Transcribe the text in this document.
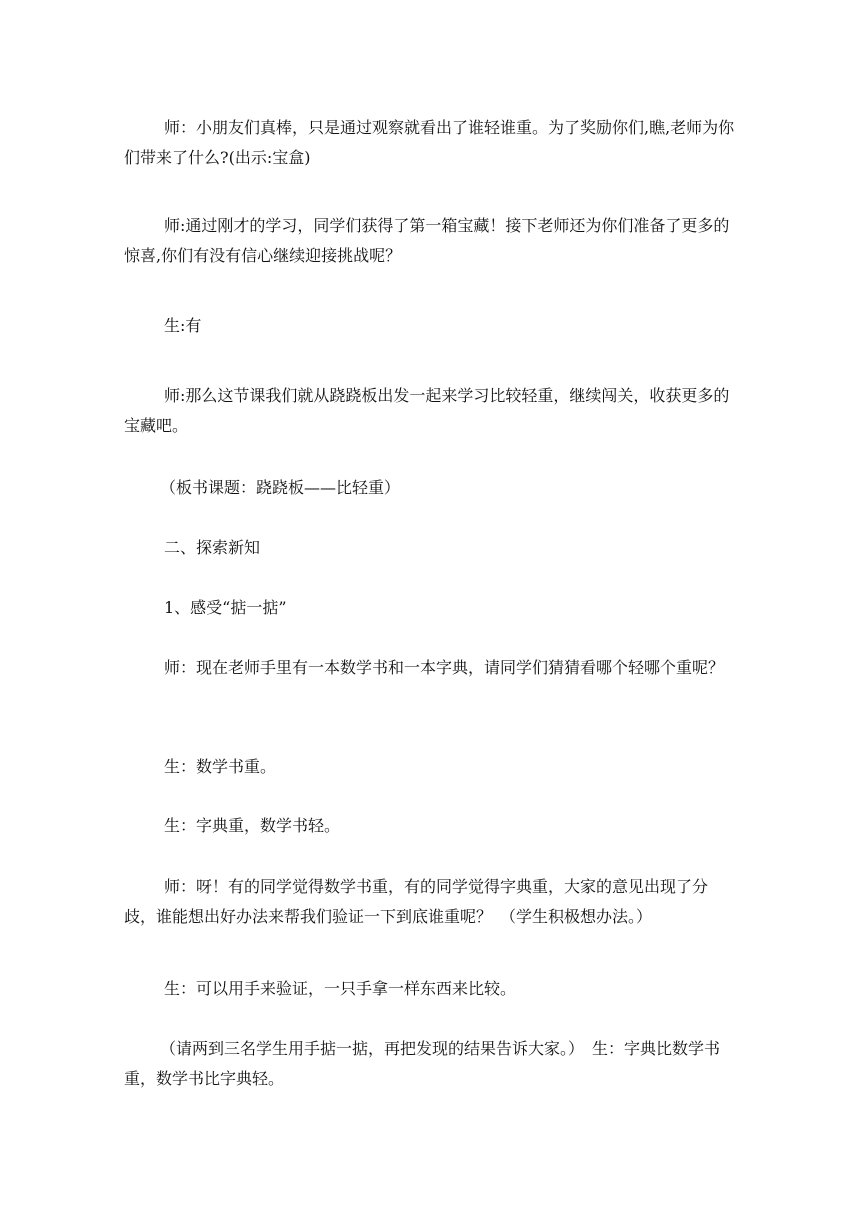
师：小朋友们真棒，只是通过观察就看出了谁轻谁重。为了奖励你们,瞧,老师为你们带来了什么?(出示:宝盒)

师:通过刚才的学习，同学们获得了第一箱宝藏！接下老师还为你们准备了更多的惊喜,你们有没有信心继续迎接挑战呢？

生:有

师:那么这节课我们就从跷跷板出发一起来学习比较轻重，继续闯关，收获更多的宝藏吧。

（板书课题：跷跷板——比轻重）

二、探索新知

1、感受“掂一掂”

师：现在老师手里有一本数学书和一本字典，请同学们猜猜看哪个轻哪个重呢？

生：数学书重。

生：字典重，数学书轻。

师：呀！有的同学觉得数学书重，有的同学觉得字典重，大家的意见出现了分歧，谁能想出好办法来帮我们验证一下到底谁重呢？　（学生积极想办法。）

生：可以用手来验证，一只手拿一样东西来比较。

（请两到三名学生用手掂一掂，再把发现的结果告诉大家。）　生：字典比数学书重，数学书比字典轻。
